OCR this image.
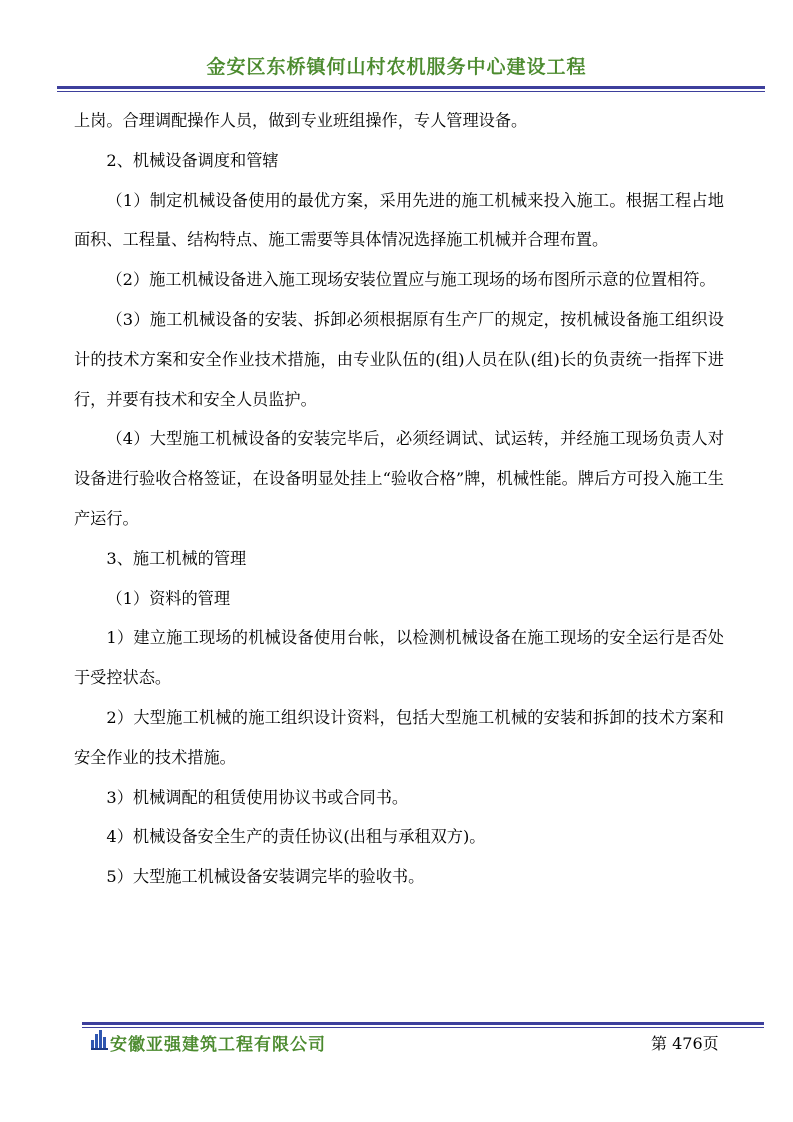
金安区东桥镇何山村农机服务中心建设工程

上岗。合理调配操作人员，做到专业班组操作，专人管理设备。

2、机械设备调度和管辖

（1）制定机械设备使用的最优方案，采用先进的施工机械来投入施工。根据工程占地面积、工程量、结构特点、施工需要等具体情况选择施工机械并合理布置。

（2）施工机械设备进入施工现场安装位置应与施工现场的场布图所示意的位置相符。

（3）施工机械设备的安装、拆卸必须根据原有生产厂的规定，按机械设备施工组织设计的技术方案和安全作业技术措施，由专业队伍的(组)人员在队(组)长的负责统一指挥下进行，并要有技术和安全人员监护。

（4）大型施工机械设备的安装完毕后，必须经调试、试运转，并经施工现场负责人对设备进行验收合格签证，在设备明显处挂上“验收合格”牌，机械性能。牌后方可投入施工生产运行。

3、施工机械的管理

（1）资料的管理

1）建立施工现场的机械设备使用台帐，以检测机械设备在施工现场的安全运行是否处于受控状态。

2）大型施工机械的施工组织设计资料，包括大型施工机械的安装和拆卸的技术方案和安全作业的技术措施。

3）机械调配的租赁使用协议书或合同书。

4）机械设备安全生产的责任协议(出租与承租双方)。

5）大型施工机械设备安装调完毕的验收书。

安徽亚强建筑工程有限公司	第 476页
